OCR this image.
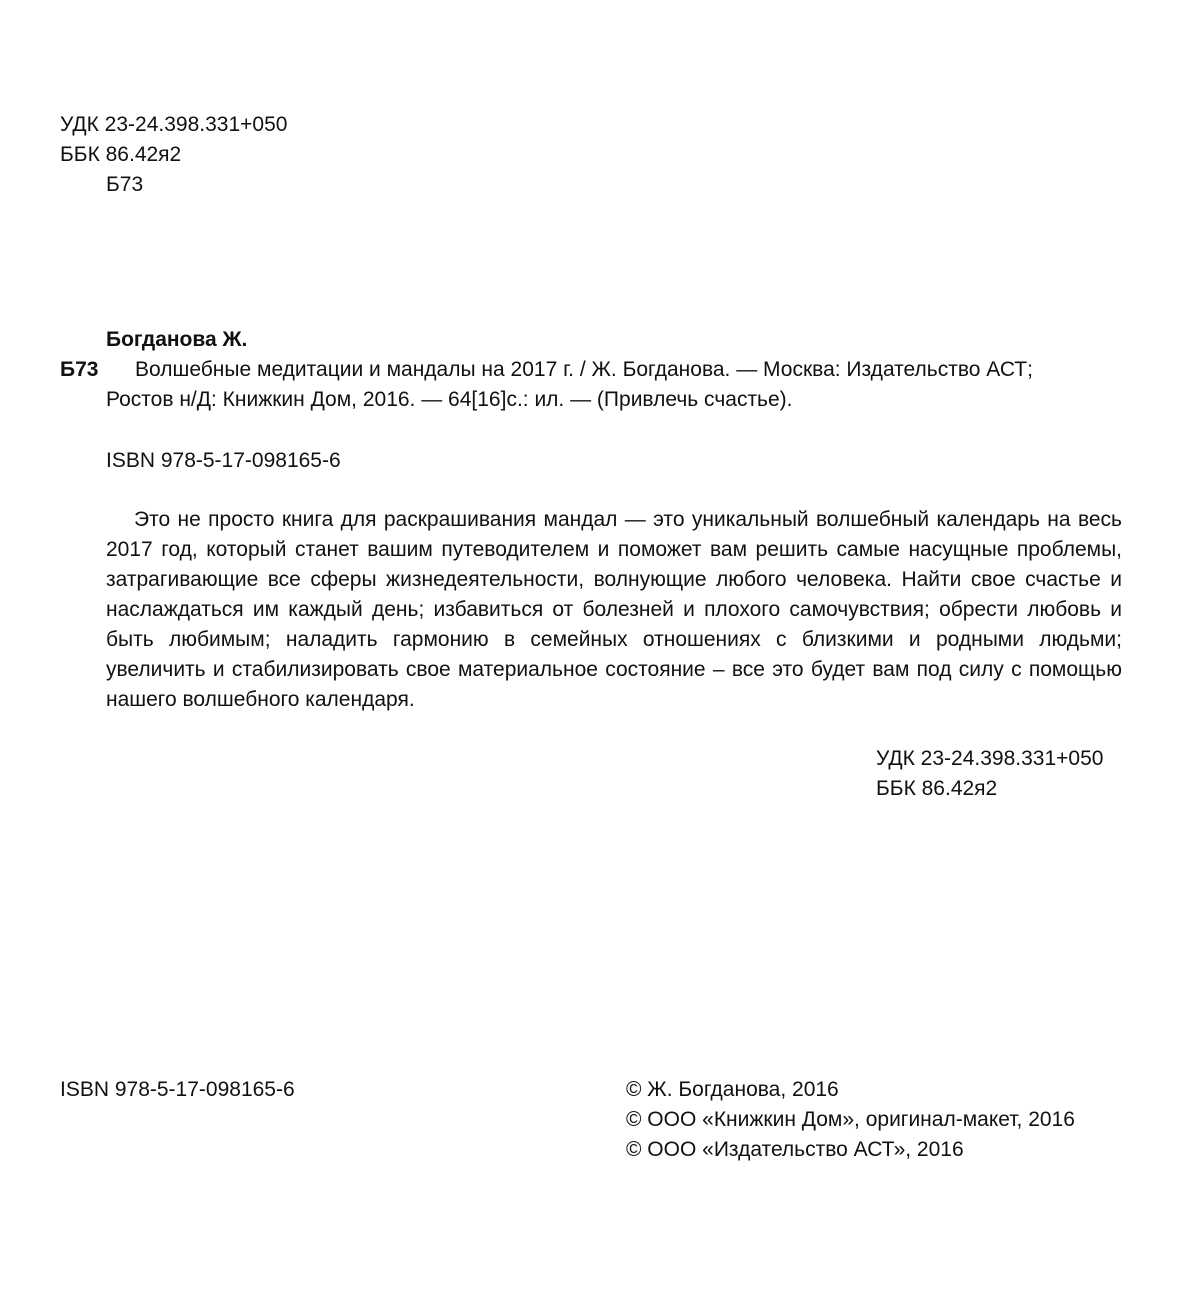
УДК 23-24.398.331+050
ББК 86.42я2
Б73
Богданова Ж.
Б73 Волшебные медитации и мандалы на 2017 г. / Ж. Богданова. — Москва: Издательство АСТ;
Ростов н/Д: Книжкин Дом, 2016. — 64[16]с.: ил. — (Привлечь счастье).
ISBN 978-5-17-098165-6

Это не просто книга для раскрашивания мандал — это уникальный волшебный календарь на весь 2017 год, который станет вашим путеводителем и поможет вам решить самые насущные проблемы, затрагивающие все сферы жизнедеятельности, волнующие любого человека. Найти свое счастье и наслаждаться им каждый день; избавиться от болезней и плохого самочувствия; обрести любовь и быть любимым; наладить гармонию в семейных отношениях с близкими и родными людьми; увеличить и стабилизировать свое материальное состояние – все это будет вам под силу с помощью нашего волшебного календаря.

УДК 23-24.398.331+050
ББК 86.42я2
ISBN 978-5-17-098165-6	© Ж. Богданова, 2016
© ООО «Книжкин Дом», оригинал-макет, 2016
© ООО «Издательство АСТ», 2016
